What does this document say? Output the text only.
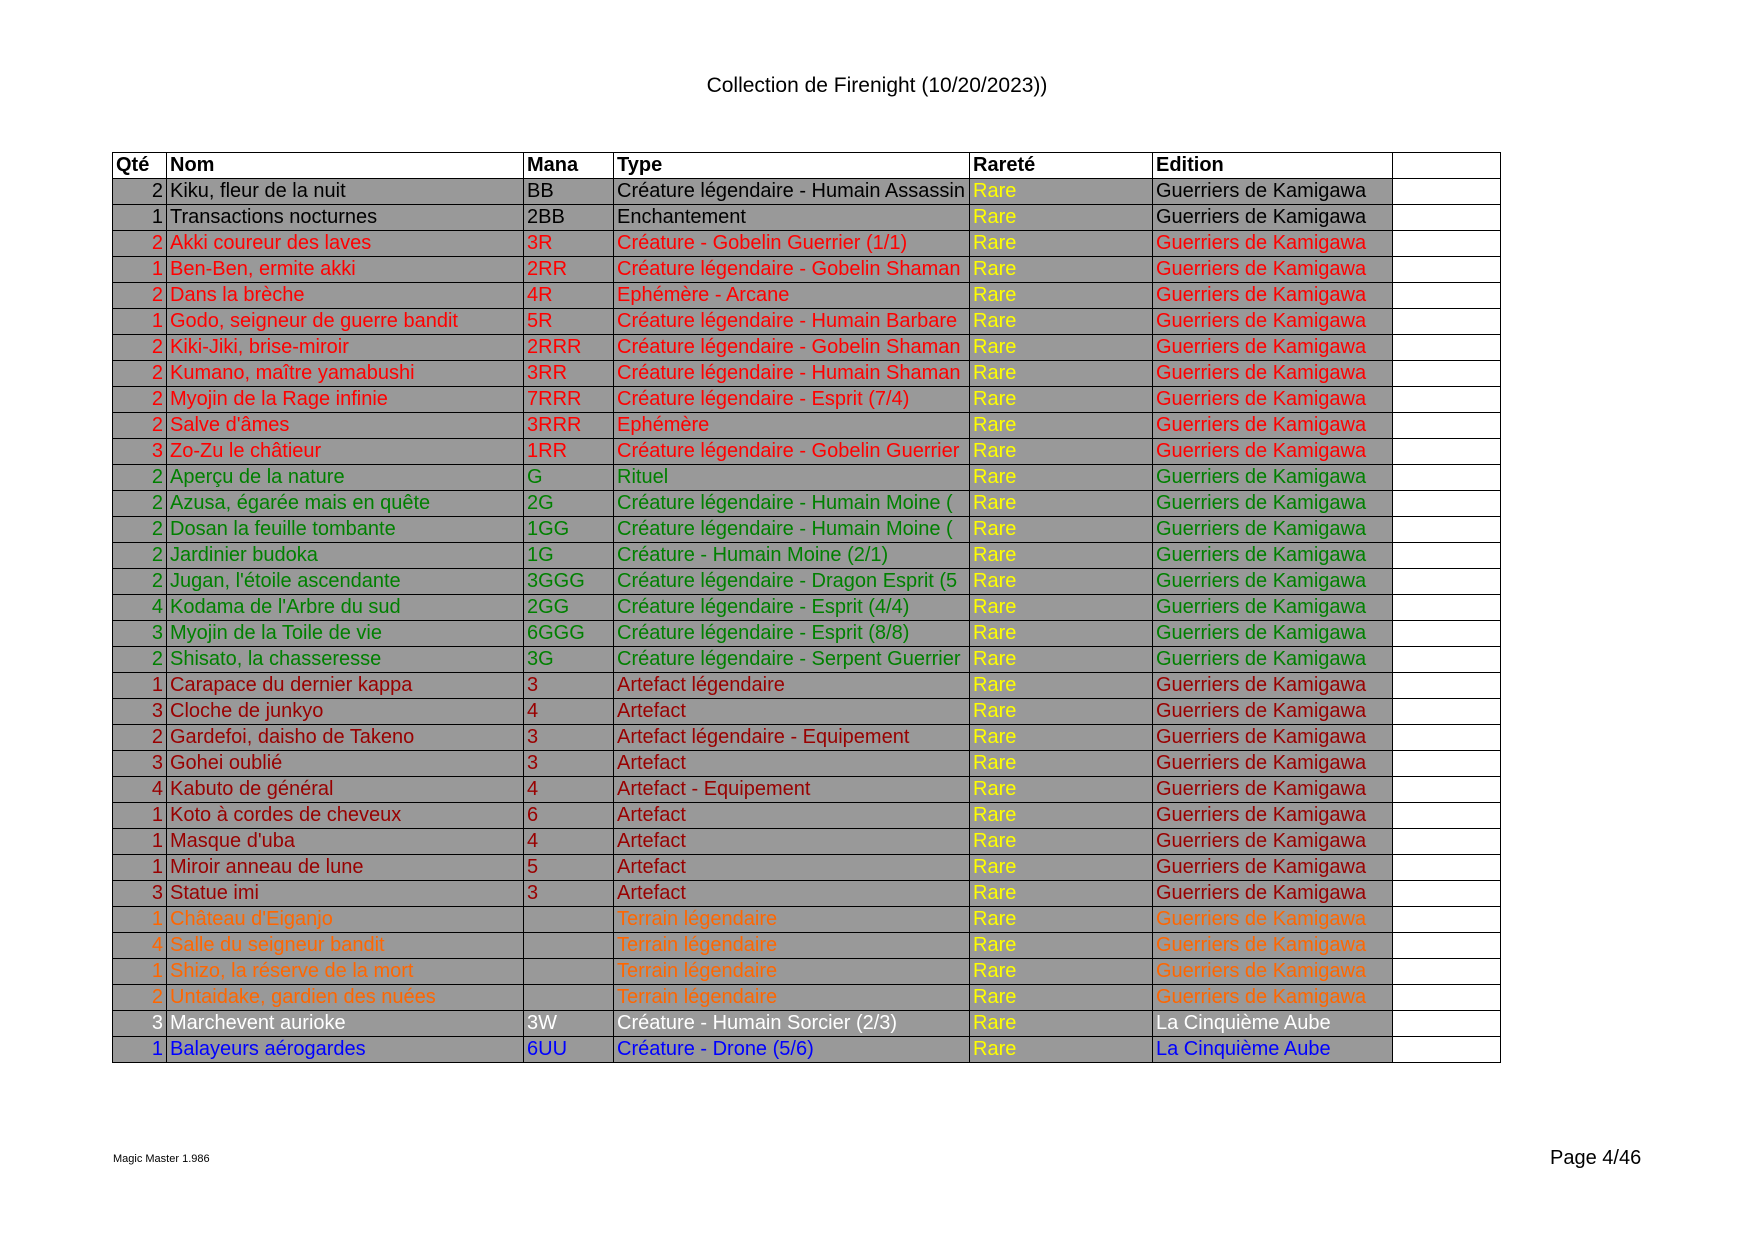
Collection de Firenight (10/20/2023))
Qté	Nom	Mana	Type	Rareté	Edition	
2	Kiku, fleur de la nuit	BB	Créature légendaire - Humain Assassin	Rare	Guerriers de Kamigawa	
1	Transactions nocturnes	2BB	Enchantement	Rare	Guerriers de Kamigawa	
2	Akki coureur des laves	3R	Créature - Gobelin Guerrier (1/1)	Rare	Guerriers de Kamigawa	
1	Ben-Ben, ermite akki	2RR	Créature légendaire - Gobelin Shaman	Rare	Guerriers de Kamigawa	
2	Dans la brèche	4R	Ephémère - Arcane	Rare	Guerriers de Kamigawa	
1	Godo, seigneur de guerre bandit	5R	Créature légendaire - Humain Barbare	Rare	Guerriers de Kamigawa	
2	Kiki-Jiki, brise-miroir	2RRR	Créature légendaire - Gobelin Shaman	Rare	Guerriers de Kamigawa	
2	Kumano, maître yamabushi	3RR	Créature légendaire - Humain Shaman	Rare	Guerriers de Kamigawa	
2	Myojin de la Rage infinie	7RRR	Créature légendaire - Esprit (7/4)	Rare	Guerriers de Kamigawa	
2	Salve d'âmes	3RRR	Ephémère	Rare	Guerriers de Kamigawa	
3	Zo-Zu le châtieur	1RR	Créature légendaire - Gobelin Guerrier	Rare	Guerriers de Kamigawa	
2	Aperçu de la nature	G	Rituel	Rare	Guerriers de Kamigawa	
2	Azusa, égarée mais en quête	2G	Créature légendaire - Humain Moine (	Rare	Guerriers de Kamigawa	
2	Dosan la feuille tombante	1GG	Créature légendaire - Humain Moine (	Rare	Guerriers de Kamigawa	
2	Jardinier budoka	1G	Créature - Humain Moine (2/1)	Rare	Guerriers de Kamigawa	
2	Jugan, l'étoile ascendante	3GGG	Créature légendaire - Dragon Esprit (5	Rare	Guerriers de Kamigawa	
4	Kodama de l'Arbre du sud	2GG	Créature légendaire - Esprit (4/4)	Rare	Guerriers de Kamigawa	
3	Myojin de la Toile de vie	6GGG	Créature légendaire - Esprit (8/8)	Rare	Guerriers de Kamigawa	
2	Shisato, la chasseresse	3G	Créature légendaire - Serpent Guerrier	Rare	Guerriers de Kamigawa	
1	Carapace du dernier kappa	3	Artefact légendaire	Rare	Guerriers de Kamigawa	
3	Cloche de junkyo	4	Artefact	Rare	Guerriers de Kamigawa	
2	Gardefoi, daisho de Takeno	3	Artefact légendaire - Equipement	Rare	Guerriers de Kamigawa	
3	Gohei oublié	3	Artefact	Rare	Guerriers de Kamigawa	
4	Kabuto de général	4	Artefact - Equipement	Rare	Guerriers de Kamigawa	
1	Koto à cordes de cheveux	6	Artefact	Rare	Guerriers de Kamigawa	
1	Masque d'uba	4	Artefact	Rare	Guerriers de Kamigawa	
1	Miroir anneau de lune	5	Artefact	Rare	Guerriers de Kamigawa	
3	Statue imi	3	Artefact	Rare	Guerriers de Kamigawa	
1	Château d'Eiganjo		Terrain légendaire	Rare	Guerriers de Kamigawa	
4	Salle du seigneur bandit		Terrain légendaire	Rare	Guerriers de Kamigawa	
1	Shizo, la réserve de la mort		Terrain légendaire	Rare	Guerriers de Kamigawa	
2	Untaidake, gardien des nuées		Terrain légendaire	Rare	Guerriers de Kamigawa	
3	Marchevent aurioke	3W	Créature - Humain Sorcier (2/3)	Rare	La Cinquième Aube	
1	Balayeurs aérogardes	6UU	Créature - Drone (5/6)	Rare	La Cinquième Aube	
Magic Master 1.986	Page 4/46
